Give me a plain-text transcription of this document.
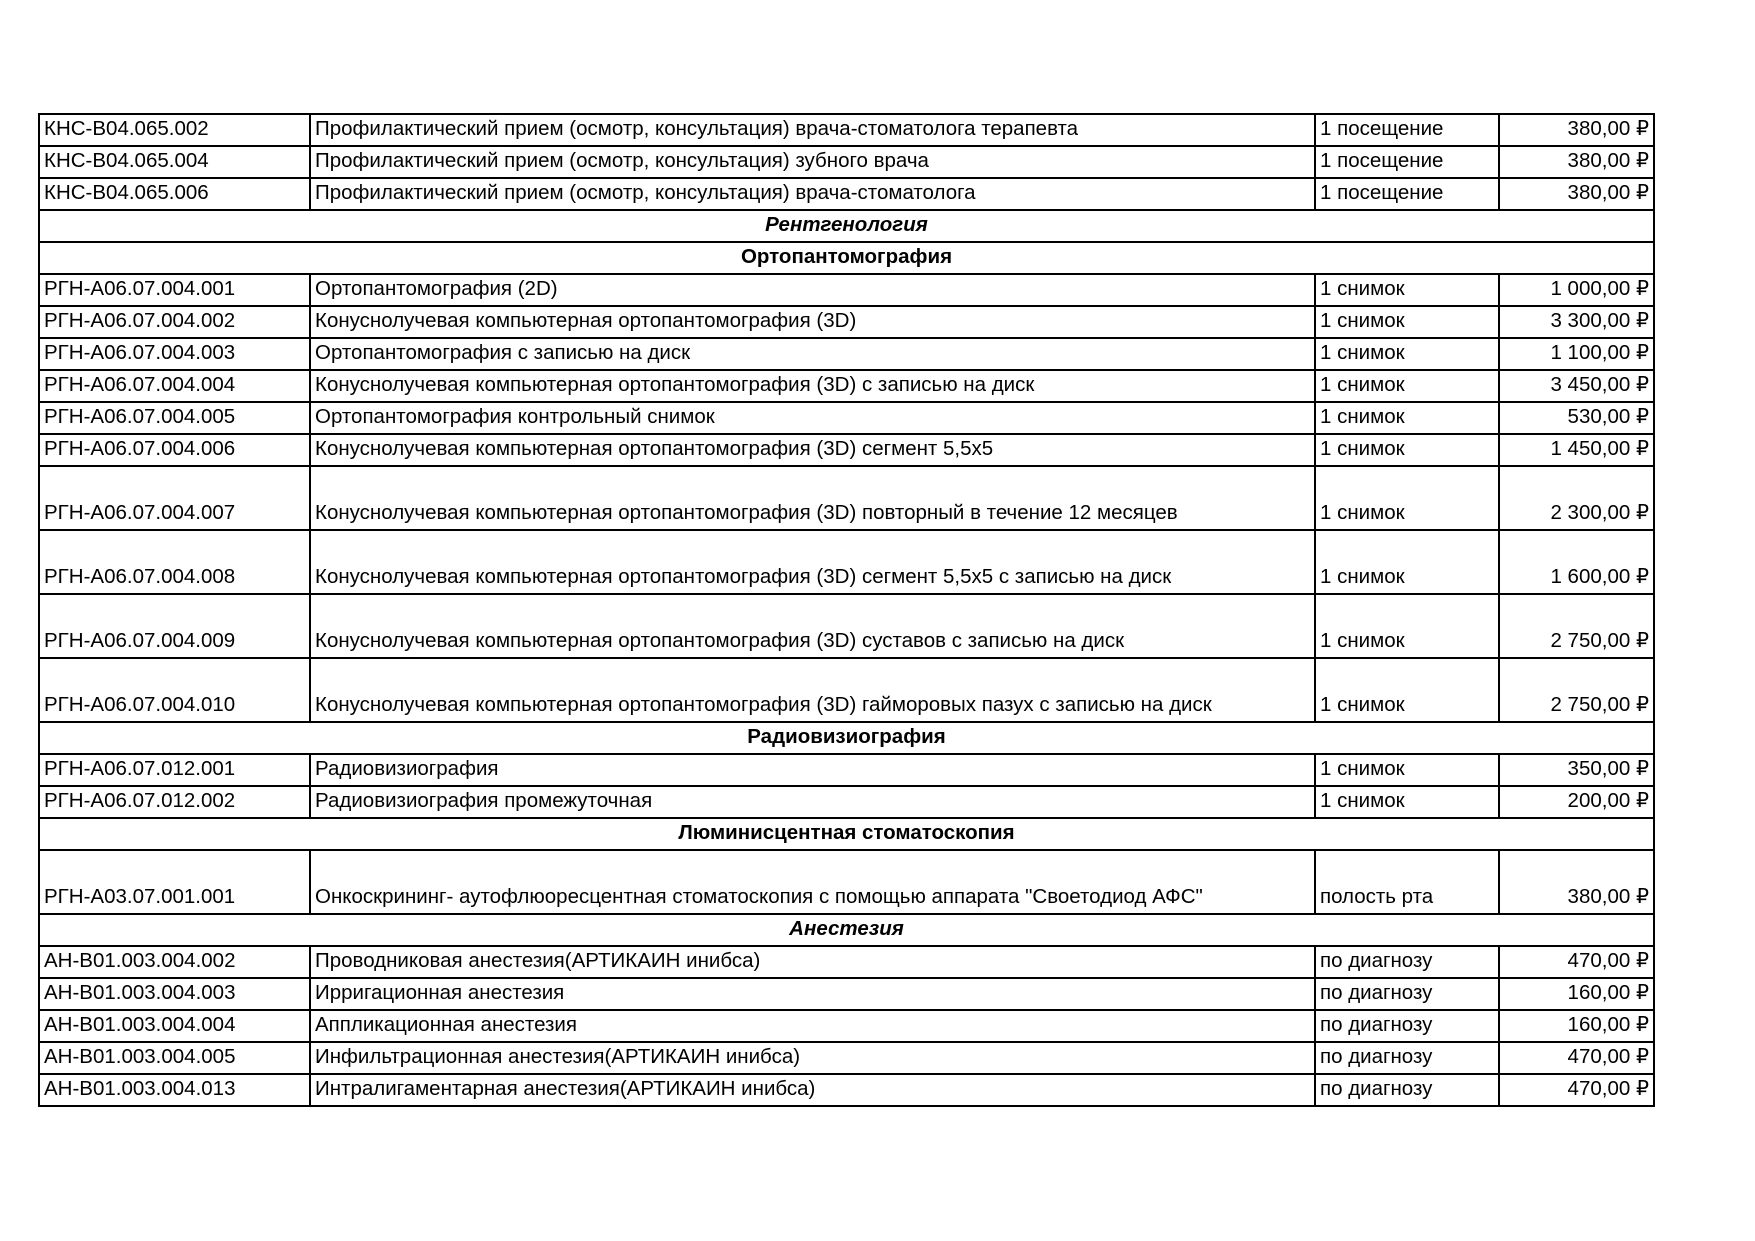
КНС-B04.065.002	Профилактический прием (осмотр, консультация) врача-стоматолога терапевта	1 посещение	380,00 ₽
КНС-B04.065.004	Профилактический прием (осмотр, консультация) зубного врача	1 посещение	380,00 ₽
КНС-B04.065.006	Профилактический прием (осмотр, консультация) врача-стоматолога	1 посещение	380,00 ₽
Рентгенология			
Ортопантомография			
РГН-A06.07.004.001	Ортопантомография (2D)	1 снимок	1 000,00 ₽
РГН-A06.07.004.002	Конуснолучевая компьютерная ортопантомография (3D)	1 снимок	3 300,00 ₽
РГН-A06.07.004.003	Ортопантомография с записью на диск	1 снимок	1 100,00 ₽
РГН-A06.07.004.004	Конуснолучевая компьютерная ортопантомография (3D) с записью на диск	1 снимок	3 450,00 ₽
РГН-A06.07.004.005	Ортопантомография контрольный снимок	1 снимок	530,00 ₽
РГН-A06.07.004.006	Конуснолучевая компьютерная ортопантомография (3D) сегмент 5,5х5	1 снимок	1 450,00 ₽
РГН-A06.07.004.007	Конуснолучевая компьютерная ортопантомография (3D) повторный в течение 12 месяцев	1 снимок	2 300,00 ₽
РГН-A06.07.004.008	Конуснолучевая компьютерная ортопантомография (3D) сегмент 5,5х5 с записью на диск	1 снимок	1 600,00 ₽
РГН-A06.07.004.009	Конуснолучевая компьютерная ортопантомография (3D) суставов с записью на диск	1 снимок	2 750,00 ₽
РГН-A06.07.004.010	Конуснолучевая компьютерная ортопантомография (3D) гайморовых пазух с записью на диск	1 снимок	2 750,00 ₽
Радиовизиография			
РГН-A06.07.012.001	Радиовизиография	1 снимок	350,00 ₽
РГН-A06.07.012.002	Радиовизиография промежуточная	1 снимок	200,00 ₽
Люминисцентная стоматоскопия			
РГН-A03.07.001.001	Онкоскрининг- аутофлюоресцентная стоматоскопия с помощью аппарата "Своетодиод АФС"	полость рта	380,00 ₽
Анестезия			
АН-B01.003.004.002	Проводниковая анестезия(АРТИКАИН инибса)	по диагнозу	470,00 ₽
АН-B01.003.004.003	Ирригационная анестезия	по диагнозу	160,00 ₽
АН-B01.003.004.004	Аппликационная анестезия	по диагнозу	160,00 ₽
АН-B01.003.004.005	Инфильтрационная анестезия(АРТИКАИН инибса)	по диагнозу	470,00 ₽
АН-B01.003.004.013	Интралигаментарная анестезия(АРТИКАИН инибса)	по диагнозу	470,00 ₽
